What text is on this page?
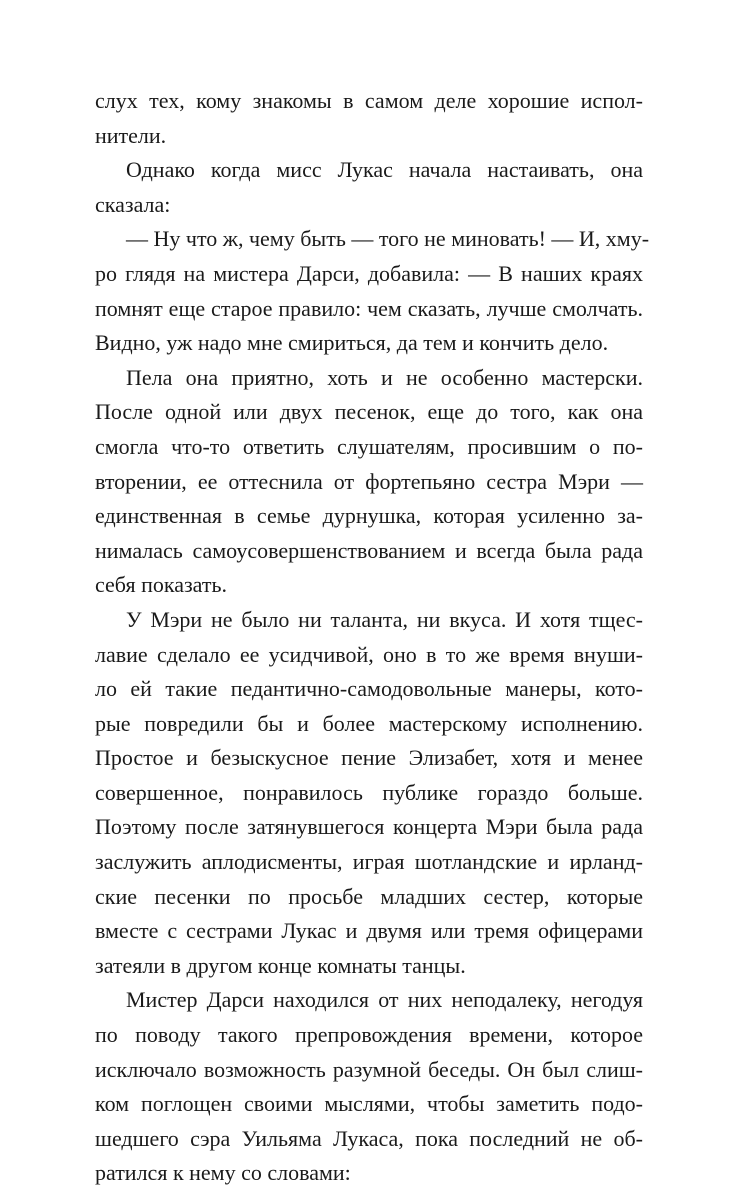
слух тех, кому знакомы в самом деле хорошие испол-
нители.

Однако когда мисс Лукас начала настаивать, она
сказала:

— Ну что ж, чему быть — того не миновать! — И, хму-
ро глядя на мистера Дарси, добавила: — В наших краях
помнят еще старое правило: чем сказать, лучше смолчать.
Видно, уж надо мне смириться, да тем и кончить дело.

Пела она приятно, хоть и не особенно мастерски.
После одной или двух песенок, еще до того, как она
смогла что-то ответить слушателям, просившим о по-
вторении, ее оттеснила от фортепьяно сестра Мэри —
единственная в семье дурнушка, которая усиленно за-
нималась самоусовершенствованием и всегда была рада
себя показать.

У Мэри не было ни таланта, ни вкуса. И хотя тщес-
лавие сделало ее усидчивой, оно в то же время внуши-
ло ей такие педантично-самодовольные манеры, кото-
рые повредили бы и более мастерскому исполнению.
Простое и безыскусное пение Элизабет, хотя и менее
совершенное, понравилось публике гораздо больше.
Поэтому после затянувшегося концерта Мэри была рада
заслужить аплодисменты, играя шотландские и ирланд-
ские песенки по просьбе младших сестер, которые
вместе с сестрами Лукас и двумя или тремя офицерами
затеяли в другом конце комнаты танцы.

Мистер Дарси находился от них неподалеку, негодуя
по поводу такого препровождения времени, которое
исключало возможность разумной беседы. Он был слиш-
ком поглощен своими мыслями, чтобы заметить подо-
шедшего сэра Уильяма Лукаса, пока последний не об-
ратился к нему со словами:
